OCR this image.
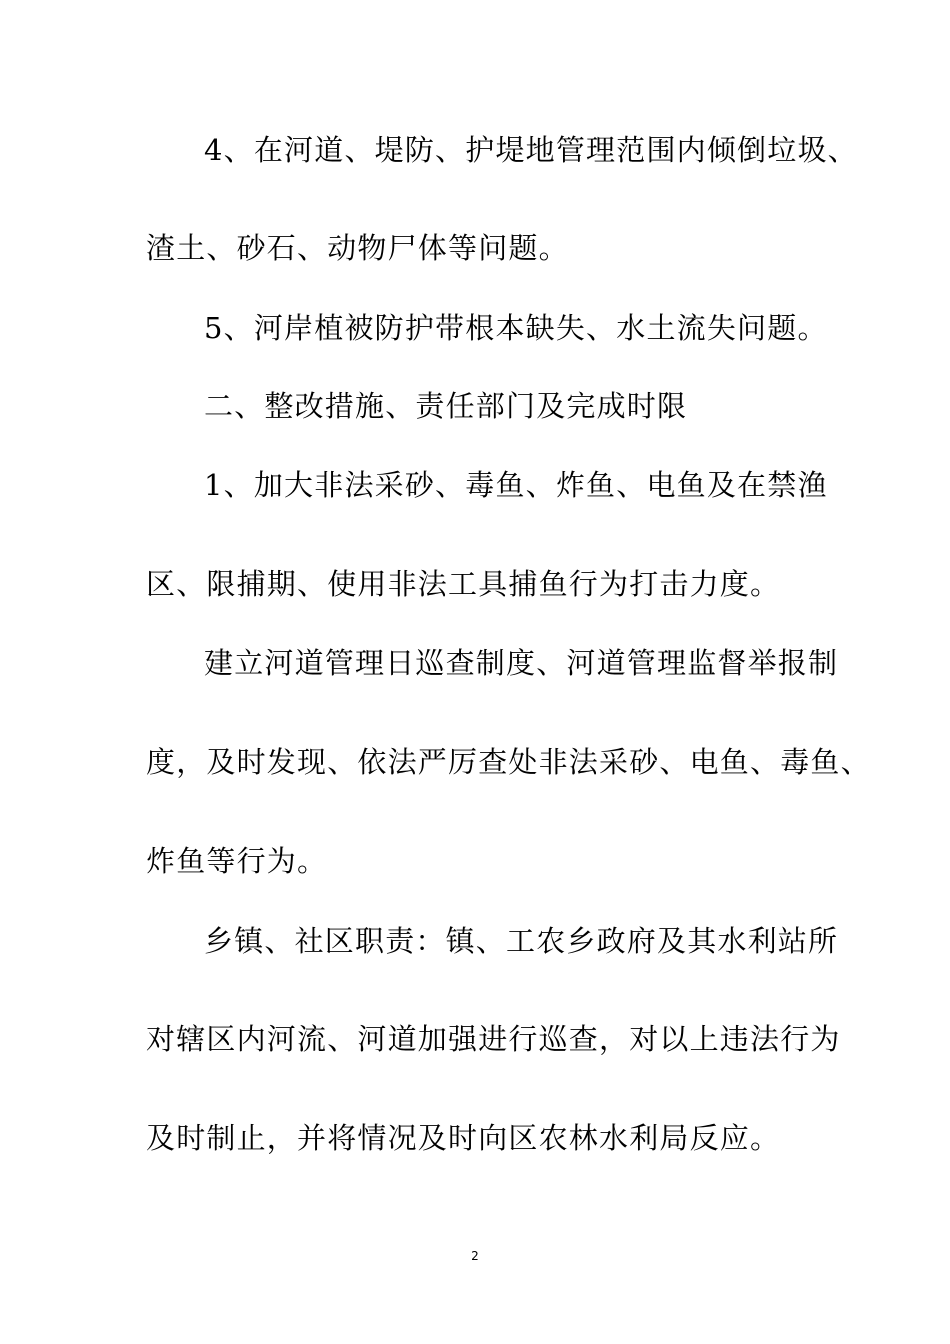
4、在河道、堤防、护堤地管理范围内倾倒垃圾、
渣土、砂石、动物尸体等问题。
5、河岸植被防护带根本缺失、水土流失问题。
二、整改措施、责任部门及完成时限
1、加大非法采砂、毒鱼、炸鱼、电鱼及在禁渔
区、限捕期、使用非法工具捕鱼行为打击力度。
建立河道管理日巡查制度、河道管理监督举报制
度，及时发现、依法严厉查处非法采砂、电鱼、毒鱼、
炸鱼等行为。
乡镇、社区职责：镇、工农乡政府及其水利站所
对辖区内河流、河道加强进行巡查，对以上违法行为
及时制止，并将情况及时向区农林水利局反应。
2
